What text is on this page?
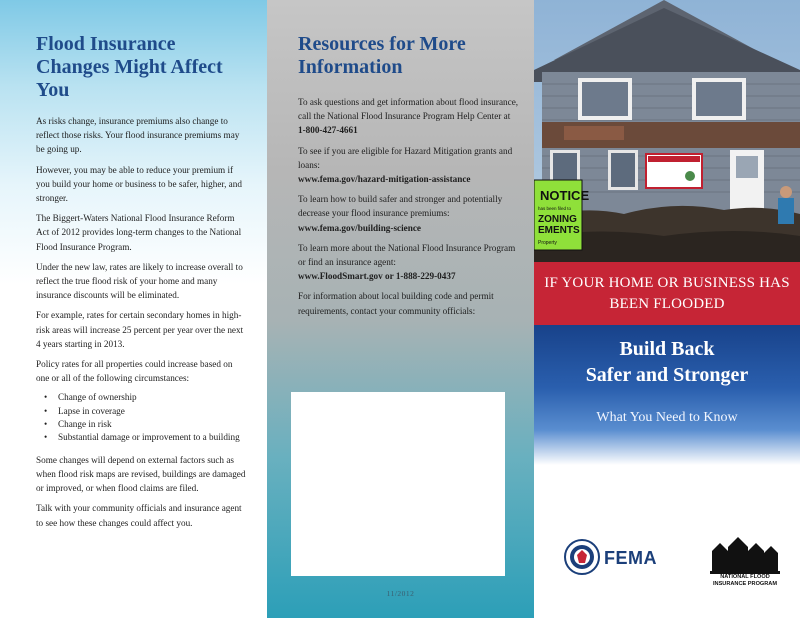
Flood Insurance Changes Might Affect You

As risks change, insurance premiums also change to reflect those risks. Your flood insurance premiums may be going up.

However, you may be able to reduce your premium if you build your home or business to be safer, higher, and stronger.

The Biggert-Waters National Flood Insurance Reform Act of 2012 provides long-term changes to the National Flood Insurance Program.

Under the new law, rates are likely to increase overall to reflect the true flood risk of your home and many insurance discounts will be eliminated.

For example, rates for certain secondary homes in high-risk areas will increase 25 percent per year over the next 4 years starting in 2013.

Policy rates for all properties could increase based on one or all of the following circumstances:

• Change of ownership
• Lapse in coverage
• Change in risk
• Substantial damage or improvement to a building

Some changes will depend on external factors such as when flood risk maps are revised, buildings are damaged or improved, or when flood claims are filed.

Talk with your community officials and insurance agent to see how these changes could affect you.

Resources for More Information

To ask questions and get information about flood insurance, call the National Flood Insurance Program Help Center at 1-800-427-4661

To see if you are eligible for Hazard Mitigation grants and loans:
www.fema.gov/hazard-mitigation-assistance

To learn how to build safer and stronger and potentially decrease your flood insurance premiums:
www.fema.gov/building-science

To learn more about the National Flood Insurance Program or find an insurance agent:
www.FloodSmart.gov or 1-888-229-0437

For information about local building code and permit requirements, contact your community officials:

11/2012
NOTICE
has been filed to
ZONING
EMENTS
Property
IF YOUR HOME OR BUSINESS HAS BEEN FLOODED
Build Back
Safer and Stronger
What You Need to Know
FEMA
NATIONAL FLOOD INSURANCE PROGRAM
